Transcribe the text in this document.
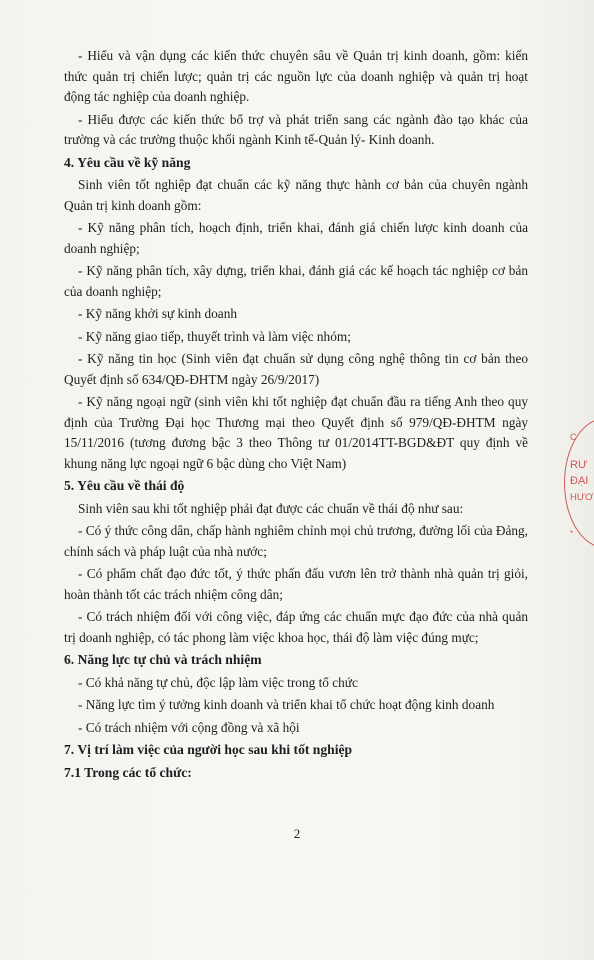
- Hiểu và vận dụng các kiến thức chuyên sâu về Quản trị kinh doanh, gồm: kiến thức quản trị chiến lược; quản trị các nguồn lực của doanh nghiệp và quản trị hoạt động tác nghiệp của doanh nghiệp.

- Hiểu được các kiến thức bổ trợ và phát triển sang các ngành đào tạo khác của trường và các trường thuộc khối ngành Kinh tế-Quản lý- Kinh doanh.

4. Yêu cầu về kỹ năng

Sinh viên tốt nghiệp đạt chuẩn các kỹ năng thực hành cơ bản của chuyên ngành Quản trị kinh doanh gồm:

- Kỹ năng phân tích, hoạch định, triển khai, đánh giá chiến lược kinh doanh của doanh nghiệp;

- Kỹ năng phân tích, xây dựng, triển khai, đánh giá các kế hoạch tác nghiệp cơ bản của doanh nghiệp;

- Kỹ năng khởi sự kinh doanh

- Kỹ năng giao tiếp, thuyết trình và làm việc nhóm;

- Kỹ năng tin học (Sinh viên đạt chuẩn sử dụng công nghệ thông tin cơ bản theo Quyết định số 634/QĐ-ĐHTM ngày 26/9/2017)

- Kỹ năng ngoại ngữ (sinh viên khi tốt nghiệp đạt chuẩn đầu ra tiếng Anh theo quy định của Trường Đại học Thương mại theo Quyết định số 979/QĐ-ĐHTM ngày 15/11/2016 (tương đương bậc 3 theo Thông tư 01/2014TT-BGD&ĐT quy định về khung năng lực ngoại ngữ 6 bậc dùng cho Việt Nam)

5. Yêu cầu về thái độ

Sinh viên sau khi tốt nghiệp phải đạt được các chuẩn về thái độ như sau:

- Có ý thức công dân, chấp hành nghiêm chỉnh mọi chủ trương, đường lối của Đảng, chính sách và pháp luật của nhà nước;

- Có phẩm chất đạo đức tốt, ý thức phấn đấu vươn lên trở thành nhà quản trị giỏi, hoàn thành tốt các trách nhiệm công dân;

- Có trách nhiệm đối với công việc, đáp ứng các chuẩn mực đạo đức của nhà quản trị doanh nghiệp, có tác phong làm việc khoa học, thái độ làm việc đúng mực;

6. Năng lực tự chủ và trách nhiệm

- Có khả năng tự chủ, độc lập làm việc trong tổ chức

- Năng lực tìm ý tưởng kinh doanh và triển khai tổ chức hoạt động kinh doanh

- Có trách nhiệm với cộng đồng và xã hội

7. Vị trí làm việc của người học sau khi tốt nghiệp
7.1 Trong các tổ chức:
2
C
RƯ
ĐẠI
HƯƠ
*
